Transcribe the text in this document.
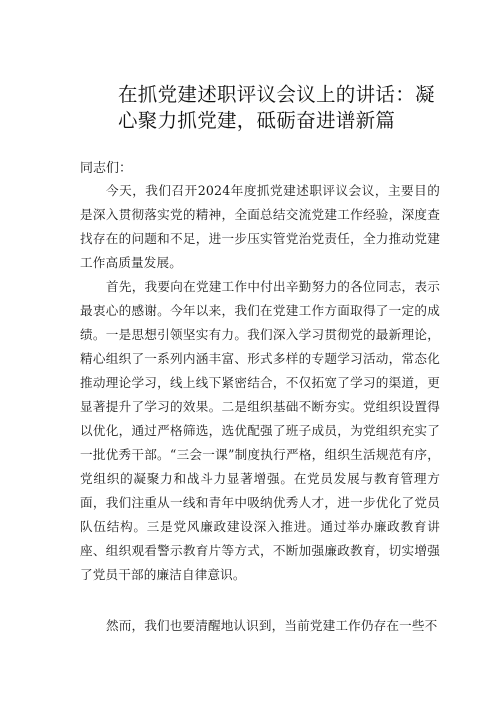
在抓党建述职评议会议上的讲话：凝心聚力抓党建，砥砺奋进谱新篇
同志们：

今天，我们召开2024年度抓党建述职评议会议，主要目的是深入贯彻落实党的精神，全面总结交流党建工作经验，深度查找存在的问题和不足，进一步压实管党治党责任，全力推动党建工作高质量发展。

首先，我要向在党建工作中付出辛勤努力的各位同志，表示最衷心的感谢。今年以来，我们在党建工作方面取得了一定的成绩。一是思想引领坚实有力。我们深入学习贯彻党的最新理论，精心组织了一系列内涵丰富、形式多样的专题学习活动，常态化推动理论学习，线上线下紧密结合，不仅拓宽了学习的渠道，更显著提升了学习的效果。二是组织基础不断夯实。党组织设置得以优化，通过严格筛选，选优配强了班子成员，为党组织充实了一批优秀干部。“三会一课”制度执行严格，组织生活规范有序，党组织的凝聚力和战斗力显著增强。在党员发展与教育管理方面，我们注重从一线和青年中吸纳优秀人才，进一步优化了党员队伍结构。三是党风廉政建设深入推进。通过举办廉政教育讲座、组织观看警示教育片等方式，不断加强廉政教育，切实增强了党员干部的廉洁自律意识。

然而，我们也要清醒地认识到，当前党建工作仍存在一些不
